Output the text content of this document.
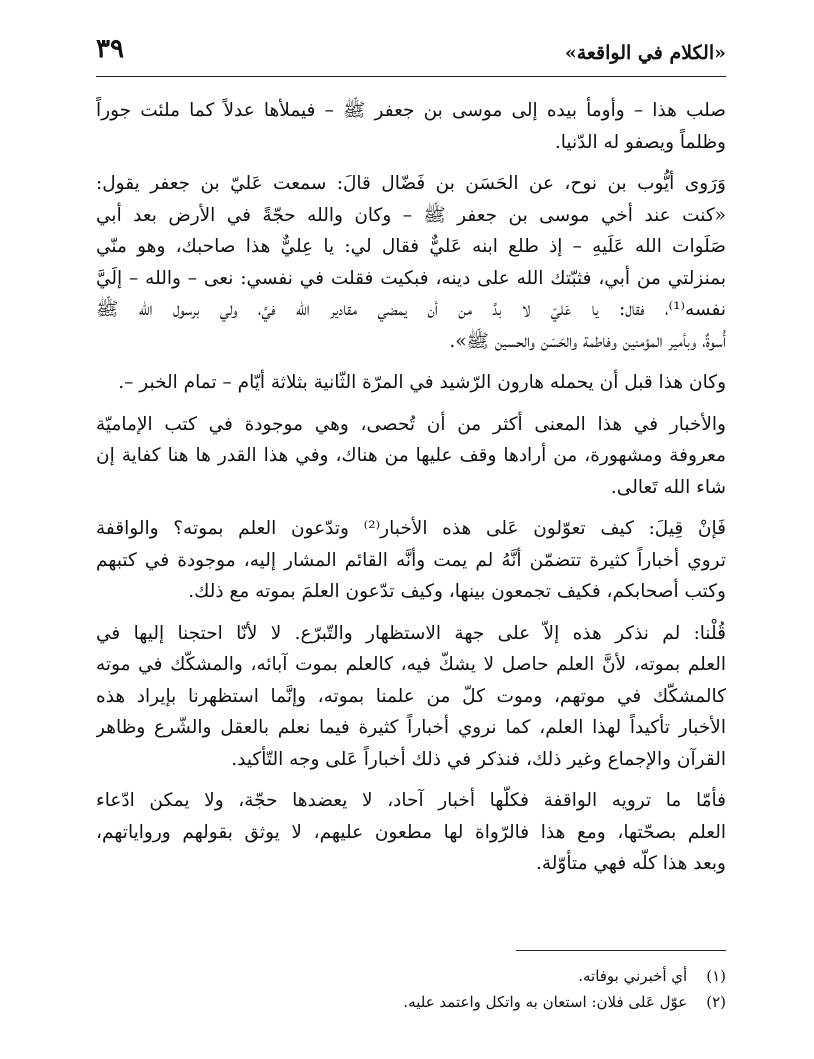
«الكلام في الواقعة»
٣٩

صلب هذا – وأومأ بيده إلى موسى بن جعفر ﷺ – فيملأها عدلاً كما ملئت جوراً
وظلماً ويصفو له الدّنيا.

وَرَوى أيُّوب بن نوح، عن الحَسَن بن فَضّال قالَ: سمعت عَليّ بن جعفر يقول:
«كنت عند أخي موسى بن جعفر ﷺ – وكان والله حجّةً في الأرض بعد أبي
صَلَوات الله عَلَيهِ – إذ طلع ابنه عَليٌّ فقال لي: يا عِليٌّ هذا صاحبك، وهو منّي
بمنزلتي من أبي، فثبّتك الله على دينه، فبكيت فقلت في نفسي: نعى – والله – إلَيَّ
نفسه⁽¹⁾، فقال: يا عَليّ لا بدَّ من أن يمضي مقادير الله فيَّ، ولي برسول الله ﷺ
أُسوةٌ، وبأمير المؤمنين وفاطمة والحَسَن والحسين ﷺ».

وكان هذا قبل أن يحمله هارون الرّشيد في المرّة الثّانية بثلاثة أيّام – تمام الخبر –.

والأخبار في هذا المعنى أكثر من أن تُحصى، وهي موجودة في كتب الإماميّة
معروفة ومشهورة، من أرادها وقف عليها من هناك، وفي هذا القدر ها هنا كفاية إن
شاء الله تَعالى.

فَإنْ قِيلَ: كيف تعوّلون عَلى هذه الأخبار⁽²⁾ وتدّعون العلم بموته؟ والواقفة
تروي أخباراً كثيرة تتضمّن أنَّهُ لم يمت وأنَّه القائم المشار إليه، موجودة في كتبهم
وكتب أصحابكم، فكيف تجمعون بينها، وكيف تدّعون العلمَ بموته مع ذلك.

قُلْنا: لم نذكر هذه إلاّ على جهة الاستظهار والتّبرّع. لا لأنّا احتجنا إليها في
العلم بموته، لأنَّ العلم حاصل لا يشكّ فيه، كالعلم بموت آبائه، والمشكّك في موته
كالمشكّك في موتهم، وموت كلّ من علمنا بموته، وإنَّما استظهرنا بإيراد هذه
الأخبار تأكيداً لهذا العلم، كما نروي أخباراً كثيرة فيما نعلم بالعقل والشّرع وظاهر
القرآن والإجماع وغير ذلك، فنذكر في ذلك أخباراً عَلى وجه التّأكيد.

فأمّا ما ترويه الواقفة فكلّها أخبار آحاد، لا يعضدها حجّة، ولا يمكن ادّعاء
العلم بصحّتها، ومع هذا فالرّواة لها مطعون عليهم، لا يوثق بقولهم ورواياتهم،
وبعد هذا كلّه فهي متأوّلة.

(١) أي أخبرني بوفاته.
(٢) عوّل عَلى فلان: استعان به واتكل واعتمد عليه.
